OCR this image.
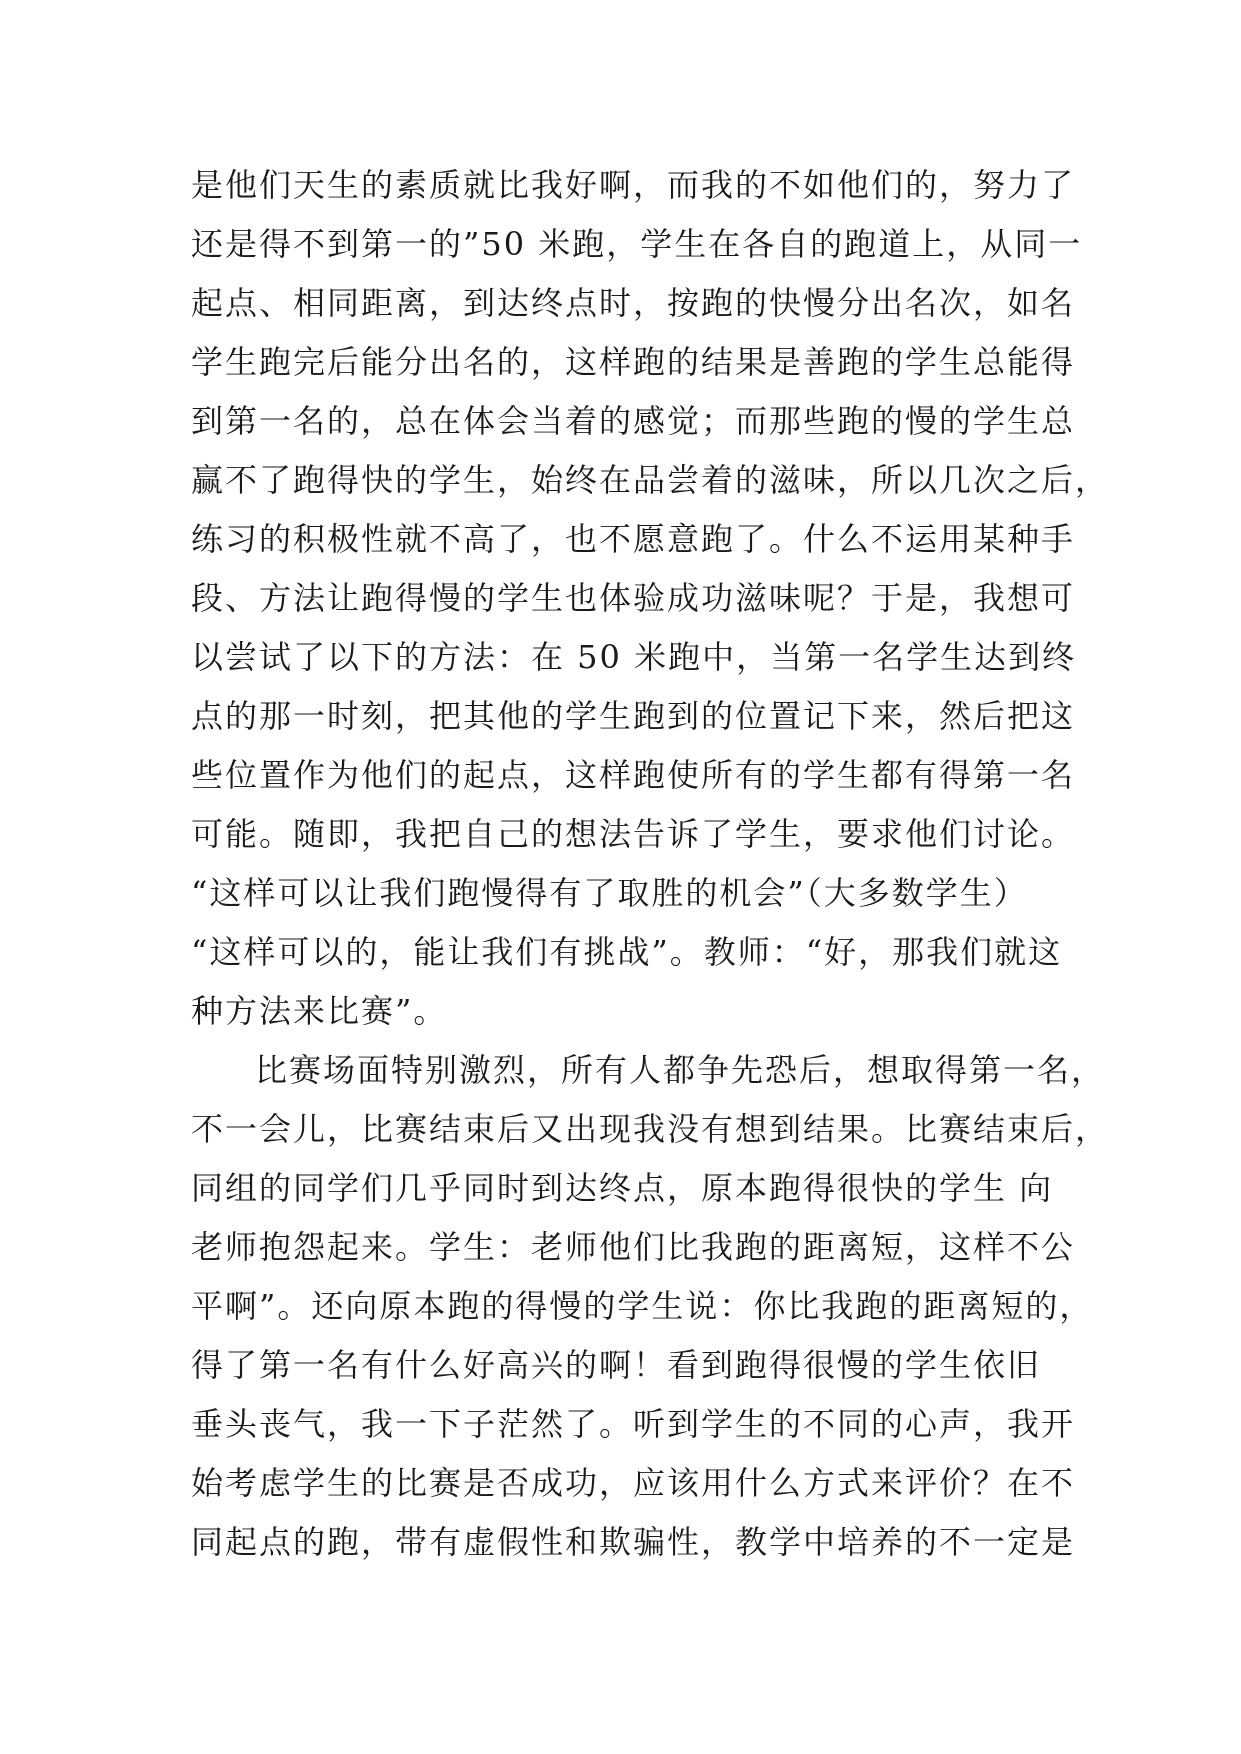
是他们天生的素质就比我好啊，而我的不如他们的，努力了
还是得不到第一的”50 米跑，学生在各自的跑道上，从同一
起点、相同距离，到达终点时，按跑的快慢分出名次，如名
学生跑完后能分出名的，这样跑的结果是善跑的学生总能得
到第一名的，总在体会当着的感觉；而那些跑的慢的学生总
赢不了跑得快的学生，始终在品尝着的滋味，所以几次之后，
练习的积极性就不高了，也不愿意跑了。什么不运用某种手
段、方法让跑得慢的学生也体验成功滋味呢？于是，我想可
以尝试了以下的方法：在 50 米跑中，当第一名学生达到终
点的那一时刻，把其他的学生跑到的位置记下来，然后把这
些位置作为他们的起点，这样跑使所有的学生都有得第一名
可能。随即，我把自己的想法告诉了学生，要求他们讨论。
“这样可以让我们跑慢得有了取胜的机会”（大多数学生）
“这样可以的，能让我们有挑战”。教师：“好，那我们就这
种方法来比赛”。
比赛场面特别激烈，所有人都争先恐后，想取得第一名，
不一会儿，比赛结束后又出现我没有想到结果。比赛结束后，
同组的同学们几乎同时到达终点，原本跑得很快的学生 向
老师抱怨起来。学生：老师他们比我跑的距离短，这样不公
平啊”。还向原本跑的得慢的学生说：你比我跑的距离短的，
得了第一名有什么好高兴的啊！看到跑得很慢的学生依旧
垂头丧气，我一下子茫然了。听到学生的不同的心声，我开
始考虑学生的比赛是否成功，应该用什么方式来评价？在不
同起点的跑，带有虚假性和欺骗性，教学中培养的不一定是
